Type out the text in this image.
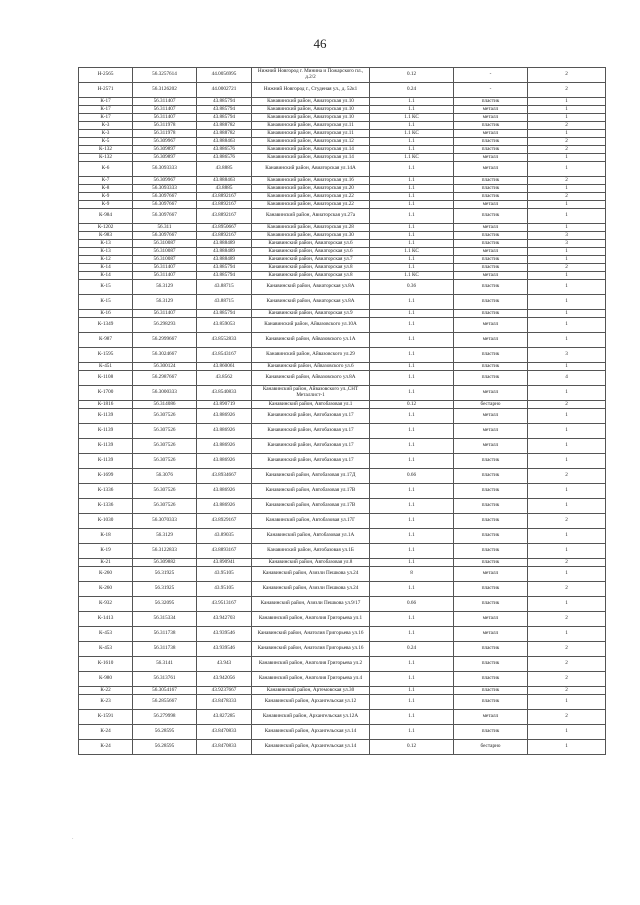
46
Н-2565	56.3257614	44.0056995	Нижний Новгород г. Минина и Пожарского пл., д.2/2	0.12	-	2
Н-2571	56.3126202	44.0002721	Нижний Новгород г., Студеная ул., д. 52к1	0.24	-	2
К-17	56.311407	43.885794	Канавинский район, Авиаторская ул.10	1.1	пластик	1
К-17	56.311407	43.885794	Канавинский район, Авиаторская ул.10	1.1	металл	1
К-17	56.311407	43.885794	Канавинский район, Авиаторская ул.10	1.1 КС	металл	1
К-3	56.311978	43.888782	Канавинский район, Авиаторская ул.11	1.1	пластик	2
К-3	56.311978	43.888782	Канавинский район, Авиаторская ул.11	1.1 КС	металл	1
К-5	56.309967	43.888463	Канавинский район, Авиаторская ул.12	1.1	пластик	2
К-132	56.309897	43.886576	Канавинский район, Авиаторская ул.14	1.1	пластик	2
К-132	56.309897	43.886576	Канавинский район, Авиаторская ул.14	1.1 КС	металл	1
К-6	56.3093333	43.8885	Канавинский район, Авиаторская ул.14А	1.1	металл	1
К-7	56.309967	43.888463	Канавинский район, Авиаторская ул.16	1.1	пластик	2
К-8	56.3093333	43.8885	Канавинский район, Авиаторская ул.20	1.1	пластик	1
К-9	56.3097667	43.8892167	Канавинский район, Авиаторская ул.22	1.1	пластик	2
К-9	56.3097667	43.8892167	Канавинский район, Авиаторская ул.22	1.1	металл	1
К-984	56.3097667	43.8892167	Канавинский район, Авиаторская ул.27а	1.1	пластик	1
К-1202	56.311	43.8950667	Канавинский район, Авиаторская ул.28	1.1	металл	1
К-983	56.3097667	43.8892167	Канавинский район, Авиаторская ул.30	1.1	пластик	3
К-13	56.310087	43.888489	Канавинский район, Авиаторская ул.6	1.1	пластик	3
К-13	56.310087	43.888489	Канавинский район, Авиаторская ул.6	1.1 КС	металл	1
К-12	56.310087	43.888489	Канавинский район, Авиаторская ул.7	1.1	пластик	1
К-14	56.311407	43.885794	Канавинский район, Авиаторская ул.8	1.1	пластик	2
К-14	56.311407	43.885794	Канавинский район, Авиаторская ул.8	1.1 КС	металл	1
К-15	56.3129	43.88715	Канавинский район, Авиаторская ул.8А	0.36	пластик	1
К-15	56.3129	43.88715	Канавинский район, Авиаторская ул.8А	1.1	пластик	1
К-16	56.311407	43.885794	Канавинский район, Авиаторская ул.9	1.1	пластик	1
К-1349	56.298293	43.859053	Канавинский район, Айвазовского ул.10А	1.1	металл	1
К-987	56.2999667	43.8552833	Канавинский район, Айвазовского ул.1А	1.1	металл	1
К-1595	56.3024667	43.8543167	Канавинский район, Айвазовского ул.29	1.1	пластик	3
К-451	56.300124	43.860061	Канавинский район, Айвазовского ул.6	1.1	пластик	1
К-1108	56.2987667	43.8562	Канавинский район, Айвазовского ул.8А	1.1	пластик	4
К-1700	56.3000333	43.8540833	Канавинский район, Айвазовского ул.,СНТ Металлист-1	1.1	металл	1
К-1816	56.314086	43.890719	Канавинский район, Автобазовая ул.1	0.12	бестарно	2
К-1139	56.307526	43.886926	Канавинский район, Автобазовая ул.17	1.1	металл	1
К-1139	56.307526	43.886926	Канавинский район, Автобазовая ул.17	1.1	металл	1
К-1139	56.307526	43.886926	Канавинский район, Автобазовая ул.17	1.1	металл	1
К-1139	56.307526	43.886926	Канавинский район, Автобазовая ул.17	1.1	пластик	1
К-1699	56.3076	43.8934667	Канавинский район, Автобазовая ул.17Д	0.66	пластик	2
К-1336	56.307526	43.886926	Канавинский район, Автобазовая ул.17В	1.1	пластик	1
К-1336	56.307526	43.886926	Канавинский район, Автобазовая ул.17В	1.1	пластик	1
К-1030	56.3070333	43.8929167	Канавинский район, Автобазовая ул.17Г	1.1	пластик	2
К-18	56.3129	43.89035	Канавинский район, Автобазовая ул.1А	1.1	пластик	1
К-19	56.3122833	43.8893167	Канавинский район, Автобазовая ул.1Б	1.1	пластик	1
К-21	56.309882	43.890941	Канавинский район, Автобазовая ул.8	1.1	пластик	2
К-260	56.31925	43.95105	Канавинский район, Азизли Пешкова ул.24	8	металл	1
К-260	56.31925	43.95105	Канавинский район, Азизли Пешкова ул.24	1.1	пластик	2
К-932	56.32095	43.9513167	Канавинский район, Азизли Пешкова ул.9/17	0.66	пластик	1
К-1413	56.315334	43.942703	Канавинский район, Анатолия Григорьева ул.1	1.1	металл	2
К-453	56.311738	43.939546	Канавинский район, Анатолия Григорьева ул.16	1.1	металл	1
К-453	56.311738	43.939546	Канавинский район, Анатолия Григорьева ул.16	0.24	пластик	2
К-1610	56.3141	43.943	Канавинский район, Анатолия Григорьева ул.2	1.1	пластик	2
К-980	56.313761	43.942056	Канавинский район, Анатолия Григорьева ул.4	1.1	пластик	2
К-22	56.3054167	43.9237667	Канавинский район, Артемовская ул.30	1.1	пластик	2
К-23	56.2855667	43.8478333	Канавинский район, Архангельская ул.12	1.1	пластик	1
К-1591	56.279998	43.827285	Канавинский район, Архангельская ул.12А	1.1	металл	2
К-24	56.28595	43.8470833	Канавинский район, Архангельская ул.14	1.1	пластик	1
К-24	56.28595	43.8470833	Канавинский район, Архангельская ул.14	0.12	бестарно	1
.
